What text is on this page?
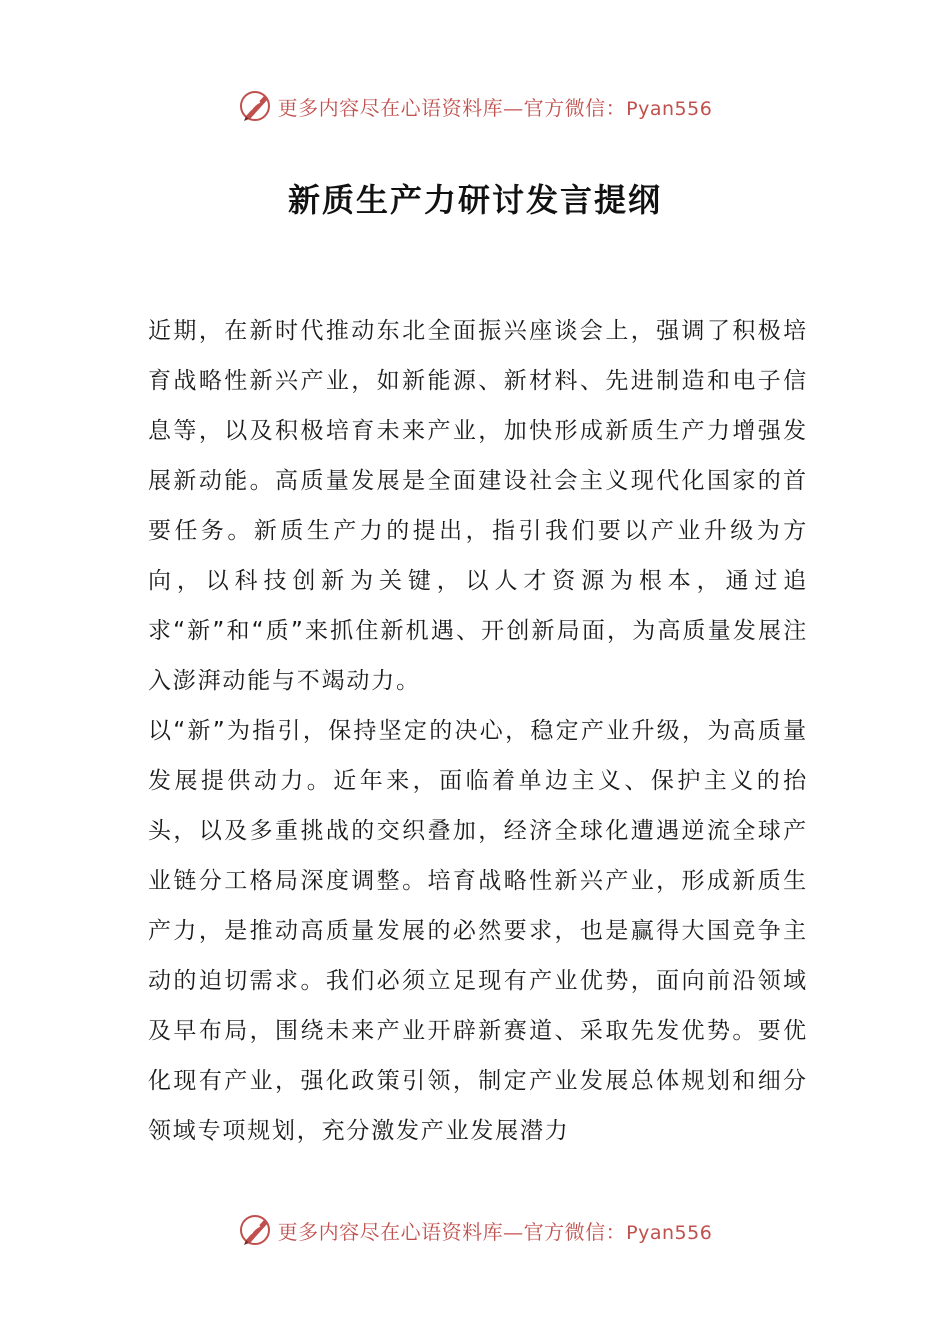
更多内容尽在心语资料库—官方微信：Pyan556
新质生产力研讨发言提纲

近期，在新时代推动东北全面振兴座谈会上，强调了积极培育战略性新兴产业，如新能源、新材料、先进制造和电子信息等，以及积极培育未来产业，加快形成新质生产力增强发展新动能。高质量发展是全面建设社会主义现代化国家的首要任务。新质生产力的提出，指引我们要以产业升级为方向，以科技创新为关键，以人才资源为根本，通过追求“新”和“质”来抓住新机遇、开创新局面，为高质量发展注入澎湃动能与不竭动力。

以“新”为指引，保持坚定的决心，稳定产业升级，为高质量发展提供动力。近年来，面临着单边主义、保护主义的抬头，以及多重挑战的交织叠加，经济全球化遭遇逆流全球产业链分工格局深度调整。培育战略性新兴产业，形成新质生产力，是推动高质量发展的必然要求，也是赢得大国竞争主动的迫切需求。我们必须立足现有产业优势，面向前沿领域及早布局，围绕未来产业开辟新赛道、采取先发优势。要优化现有产业，强化政策引领，制定产业发展总体规划和细分领域专项规划，充分激发产业发展潜力

更多内容尽在心语资料库—官方微信：Pyan556
